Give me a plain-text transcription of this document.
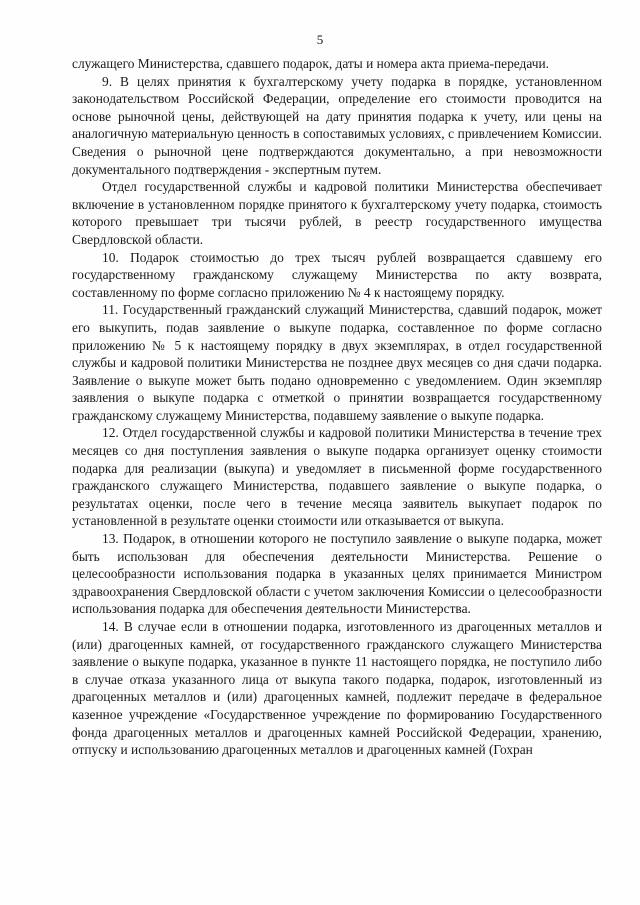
5

служащего Министерства, сдавшего подарок, даты и номера акта приема-передачи.

9. В целях принятия к бухгалтерскому учету подарка в порядке, установленном законодательством Российской Федерации, определение его стоимости проводится на основе рыночной цены, действующей на дату принятия подарка к учету, или цены на аналогичную материальную ценность в сопоставимых условиях, с привлечением Комиссии. Сведения о рыночной цене подтверждаются документально, а при невозможности документального подтверждения - экспертным путем.

Отдел государственной службы и кадровой политики Министерства обеспечивает включение в установленном порядке принятого к бухгалтерскому учету подарка, стоимость которого превышает три тысячи рублей, в реестр государственного имущества Свердловской области.

10. Подарок стоимостью до трех тысяч рублей возвращается сдавшему его государственному гражданскому служащему Министерства по акту возврата, составленному по форме согласно приложению № 4 к настоящему порядку.

11. Государственный гражданский служащий Министерства, сдавший подарок, может его выкупить, подав заявление о выкупе подарка, составленное по форме согласно приложению № 5 к настоящему порядку в двух экземплярах, в отдел государственной службы и кадровой политики Министерства не позднее двух месяцев со дня сдачи подарка. Заявление о выкупе может быть подано одновременно с уведомлением. Один экземпляр заявления о выкупе подарка с отметкой о принятии возвращается государственному гражданскому служащему Министерства, подавшему заявление о выкупе подарка.

12. Отдел государственной службы и кадровой политики Министерства в течение трех месяцев со дня поступления заявления о выкупе подарка организует оценку стоимости подарка для реализации (выкупа) и уведомляет в письменной форме государственного гражданского служащего Министерства, подавшего заявление о выкупе подарка, о результатах оценки, после чего в течение месяца заявитель выкупает подарок по установленной в результате оценки стоимости или отказывается от выкупа.

13. Подарок, в отношении которого не поступило заявление о выкупе подарка, может быть использован для обеспечения деятельности Министерства. Решение о целесообразности использования подарка в указанных целях принимается Министром здравоохранения Свердловской области с учетом заключения Комиссии о целесообразности использования подарка для обеспечения деятельности Министерства.

14. В случае если в отношении подарка, изготовленного из драгоценных металлов и (или) драгоценных камней, от государственного гражданского служащего Министерства заявление о выкупе подарка, указанное в пункте 11 настоящего порядка, не поступило либо в случае отказа указанного лица от выкупа такого подарка, подарок, изготовленный из драгоценных металлов и (или) драгоценных камней, подлежит передаче в федеральное казенное учреждение «Государственное учреждение по формированию Государственного фонда драгоценных металлов и драгоценных камней Российской Федерации, хранению, отпуску и использованию драгоценных металлов и драгоценных камней (Гохран
